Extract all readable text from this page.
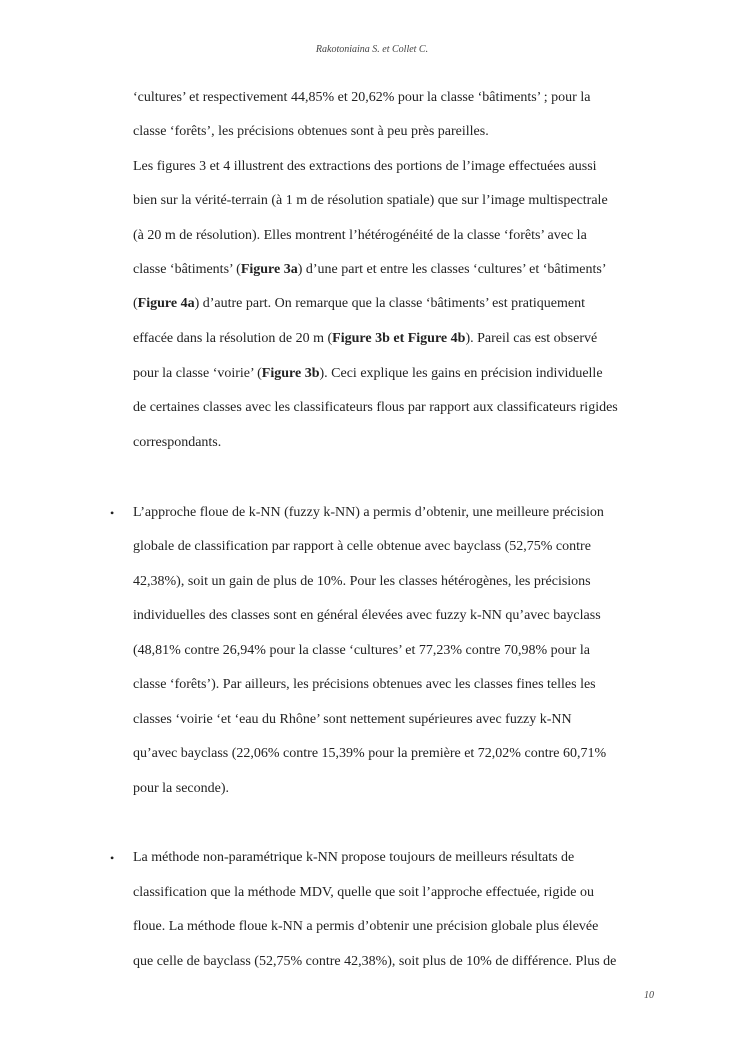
Rakotoniaina S. et Collet C.
‘cultures’ et respectivement 44,85% et 20,62% pour la classe ‘bâtiments’ ; pour la
classe ‘forêts’, les précisions obtenues sont à peu près pareilles.
Les figures 3 et 4 illustrent des extractions des portions de l’image effectuées aussi
bien sur la vérité-terrain (à 1 m de résolution spatiale) que sur l’image multispectrale
(à 20 m de résolution). Elles montrent l’hétérogénéité de la classe ‘forêts’ avec la
classe ‘bâtiments’ (Figure 3a) d’une part et entre les classes ‘cultures’ et ‘bâtiments’
(Figure 4a) d’autre part. On remarque que la classe ‘bâtiments’ est pratiquement
effacée dans la résolution de 20 m (Figure 3b et Figure 4b). Pareil cas est observé
pour la classe ‘voirie’ (Figure 3b). Ceci explique les gains en précision individuelle
de certaines classes avec les classificateurs flous par rapport aux classificateurs rigides
correspondants.
• L’approche floue de k-NN (fuzzy k-NN) a permis d’obtenir, une meilleure précision
globale de classification par rapport à celle obtenue avec bayclass (52,75% contre
42,38%), soit un gain de plus de 10%. Pour les classes hétérogènes, les précisions
individuelles des classes sont en général élevées avec fuzzy k-NN qu’avec bayclass
(48,81% contre 26,94% pour la classe ‘cultures’ et 77,23% contre 70,98% pour la
classe ‘forêts’). Par ailleurs, les précisions obtenues avec les classes fines telles les
classes ‘voirie ‘et ‘eau du Rhône’ sont nettement supérieures avec fuzzy k-NN
qu’avec bayclass (22,06% contre 15,39% pour la première et 72,02% contre 60,71%
pour la seconde).
• La méthode non-paramétrique k-NN propose toujours de meilleurs résultats de
classification que la méthode MDV, quelle que soit l’approche effectuée, rigide ou
floue. La méthode floue k-NN a permis d’obtenir une précision globale plus élevée
que celle de bayclass (52,75% contre 42,38%), soit plus de 10% de différence. Plus de
10
